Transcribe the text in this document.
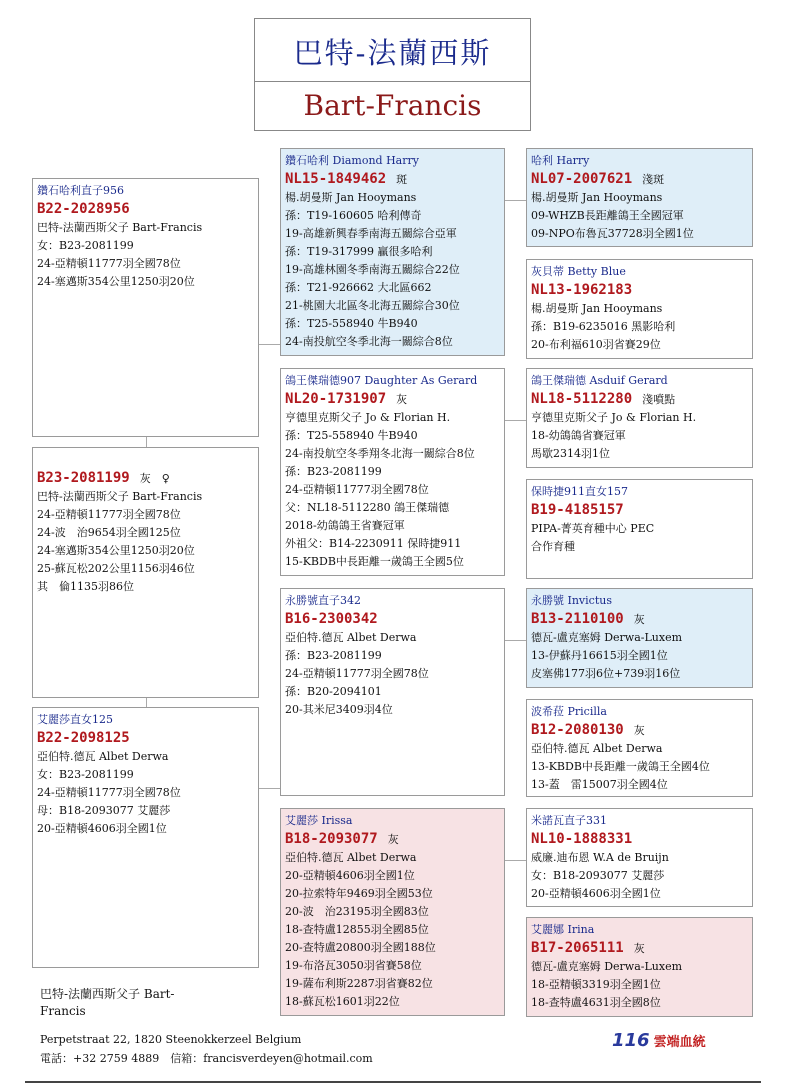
巴特-法蘭西斯
Bart-Francis
鑽石哈利直子956
B22-2028956
巴特-法蘭西斯父子 Bart-Francis
女：B23-2081199
24-亞精頓11777羽全國78位
24-塞邁斯354公里1250羽20位
B23-2081199 灰　♀
巴特-法蘭西斯父子 Bart-Francis
24-亞精頓11777羽全國78位
24-波　治9654羽全國125位
24-塞邁斯354公里1250羽20位
25-蘇瓦松202公里1156羽46位
其　倫1135羽86位
艾麗莎直女125
B22-2098125
亞伯特.德瓦 Albet Derwa
女：B23-2081199
24-亞精頓11777羽全國78位
母：B18-2093077 艾麗莎
20-亞精頓4606羽全國1位
鑽石哈利 Diamond Harry
NL15-1849462 斑
楊.胡曼斯 Jan Hooymans
孫：T19-160605 哈利傳奇
19-高雄新興春季南海五關綜合亞軍
孫：T19-317999 贏很多哈利
19-高雄林園冬季南海五關綜合22位
孫：T21-926662 大北區662
21-桃園大北區冬北海五關綜合30位
孫：T25-558940 牛B940
24-南投航空冬季北海一關綜合8位
鴿王傑瑞德907 Daughter As Gerard
NL20-1731907 灰
亨德里克斯父子 Jo & Florian H.
孫：T25-558940 牛B940
24-南投航空冬季翔冬北海一關綜合8位
孫：B23-2081199
24-亞精頓11777羽全國78位
父：NL18-5112280 鴿王傑瑞德
2018-幼鴿鴿王省賽冠軍
外祖父：B14-2230911 保時捷911
15-KBDB中長距離一歲鴿王全國5位
永勝號直子342
B16-2300342
亞伯特.德瓦 Albet Derwa
孫：B23-2081199
24-亞精頓11777羽全國78位
孫：B20-2094101
20-其米尼3409羽4位
艾麗莎 Irissa
B18-2093077 灰
亞伯特.德瓦 Albet Derwa
20-亞精頓4606羽全國1位
20-拉索特年9469羽全國53位
20-波　治23195羽全國83位
18-查特盧12855羽全國85位
20-查特盧20800羽全國188位
19-布洛瓦3050羽省賽58位
19-薩布利斯2287羽省賽82位
18-蘇瓦松1601羽22位
哈利 Harry
NL07-2007621 淺斑
楊.胡曼斯 Jan Hooymans
09-WHZB長距離鴿王全國冠軍
09-NPO布魯瓦37728羽全國1位
灰貝蒂 Betty Blue
NL13-1962183
楊.胡曼斯 Jan Hooymans
孫：B19-6235016 黑影哈利
20-布利福610羽省賽29位
鴿王傑瑞德 Asduif Gerard
NL18-5112280 淺噴點
亨德里克斯父子 Jo & Florian H.
18-幼鴿鴿省賽冠軍
馬歇2314羽1位
保時捷911直女157
B19-4185157
PIPA-菁英育種中心 PEC
合作育種
永勝號 Invictus
B13-2110100 灰
德瓦-盧克塞姆 Derwa-Luxem
13-伊蘇丹16615羽全國1位
皮塞佛177羽6位+739羽16位
波希菈 Pricilla
B12-2080130 灰
亞伯特.德瓦 Albet Derwa
13-KBDB中長距離一歲鴿王全國4位
13-蓋　雷15007羽全國4位
米諾瓦直子331
NL10-1888331
威廉.迪布恩 W.A de Bruijn
女：B18-2093077 艾麗莎
20-亞精頓4606羽全國1位
艾麗娜 Irina
B17-2065111 灰
德瓦-盧克塞姆 Derwa-Luxem
18-亞精頓3319羽全國1位
18-查特盧4631羽全國8位
巴特-法蘭西斯父子 Bart-
Francis
Perpetstraat 22, 1820 Steenokkerzeel Belgium
電話：+32 2759 4889　信箱：francisverdeyen@hotmail.com
116 雲端血統
